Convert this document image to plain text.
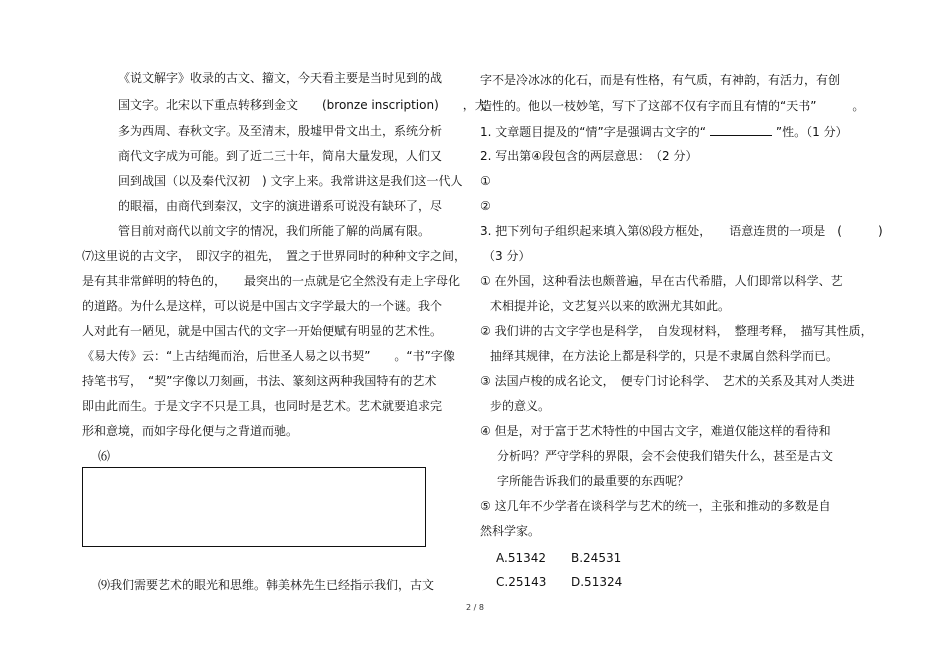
《说文解字》收录的古文、籀文，今天看主要是当时见到的战
国文字。北宋以下重点转移到金文　　(bronze inscription)　　，大
多为西周、春秋文字。及至清末，殷墟甲骨文出土，系统分析
商代文字成为可能。到了近二三十年，简帛大量发现，人们又
回到战国（以及秦代汉初　) 文字上来。我常讲这是我们这一代人
的眼福，由商代到秦汉，文字的演进谱系可说没有缺环了，尽
管目前对商代以前文字的情况，我们所能了解的尚属有限。
⑺这里说的古文字，　即汉字的祖先，　置之于世界同时的种种文字之间，
是有其非常鲜明的特色的，　　最突出的一点就是它全然没有走上字母化
的道路。为什么是这样，可以说是中国古文字学最大的一个谜。我个
人对此有一陋见，就是中国古代的文字一开始便赋有明显的艺术性。
《易大传》云：“上古结绳而治，后世圣人易之以书契”　　。“书”字像
持笔书写，　“契”字像以刀刻画，书法、篆刻这两种我国特有的艺术
即由此而生。于是文字不只是工具，也同时是艺术。艺术就要追求完
形和意境，而如字母化便与之背道而驰。
⑹
⑼我们需要艺术的眼光和思维。韩美林先生已经指示我们，古文
字不是冷冰冰的化石，而是有性格，有气质，有神韵，有活力，有创
造性的。他以一枝妙笔，写下了这部不仅有字而且有情的“天书”　　　。
1. 文章题目提及的“情”字是强调古文字的“	”性。（1 分）
2. 写出第④段包含的两层意思：　（2 分）
①
②
3. 把下列句子组织起来填入第⑻段方框处，　　语意连贯的一项是　(　　　)
（3 分）
① 在外国，这种看法也颇普遍，早在古代希腊，人们即常以科学、艺
术相提并论，文艺复兴以来的欧洲尤其如此。
② 我们讲的古文字学也是科学，　自发现材料，　整理考释，　描写其性质，
抽绎其规律，在方法论上都是科学的，只是不隶属自然科学而已。
③ 法国卢梭的成名论文，　便专门讨论科学、　艺术的关系及其对人类进
步的意义。
④ 但是，对于富于艺术特性的中国古文字，难道仅能这样的看待和
分析吗？严守学科的界限，会不会使我们错失什么，甚至是古文
字所能告诉我们的最重要的东西呢？
⑤ 这几年不少学者在谈科学与艺术的统一，主张和推动的多数是自
然科学家。
A.51342 B.24531
C.25143 D.51324
2 / 8
